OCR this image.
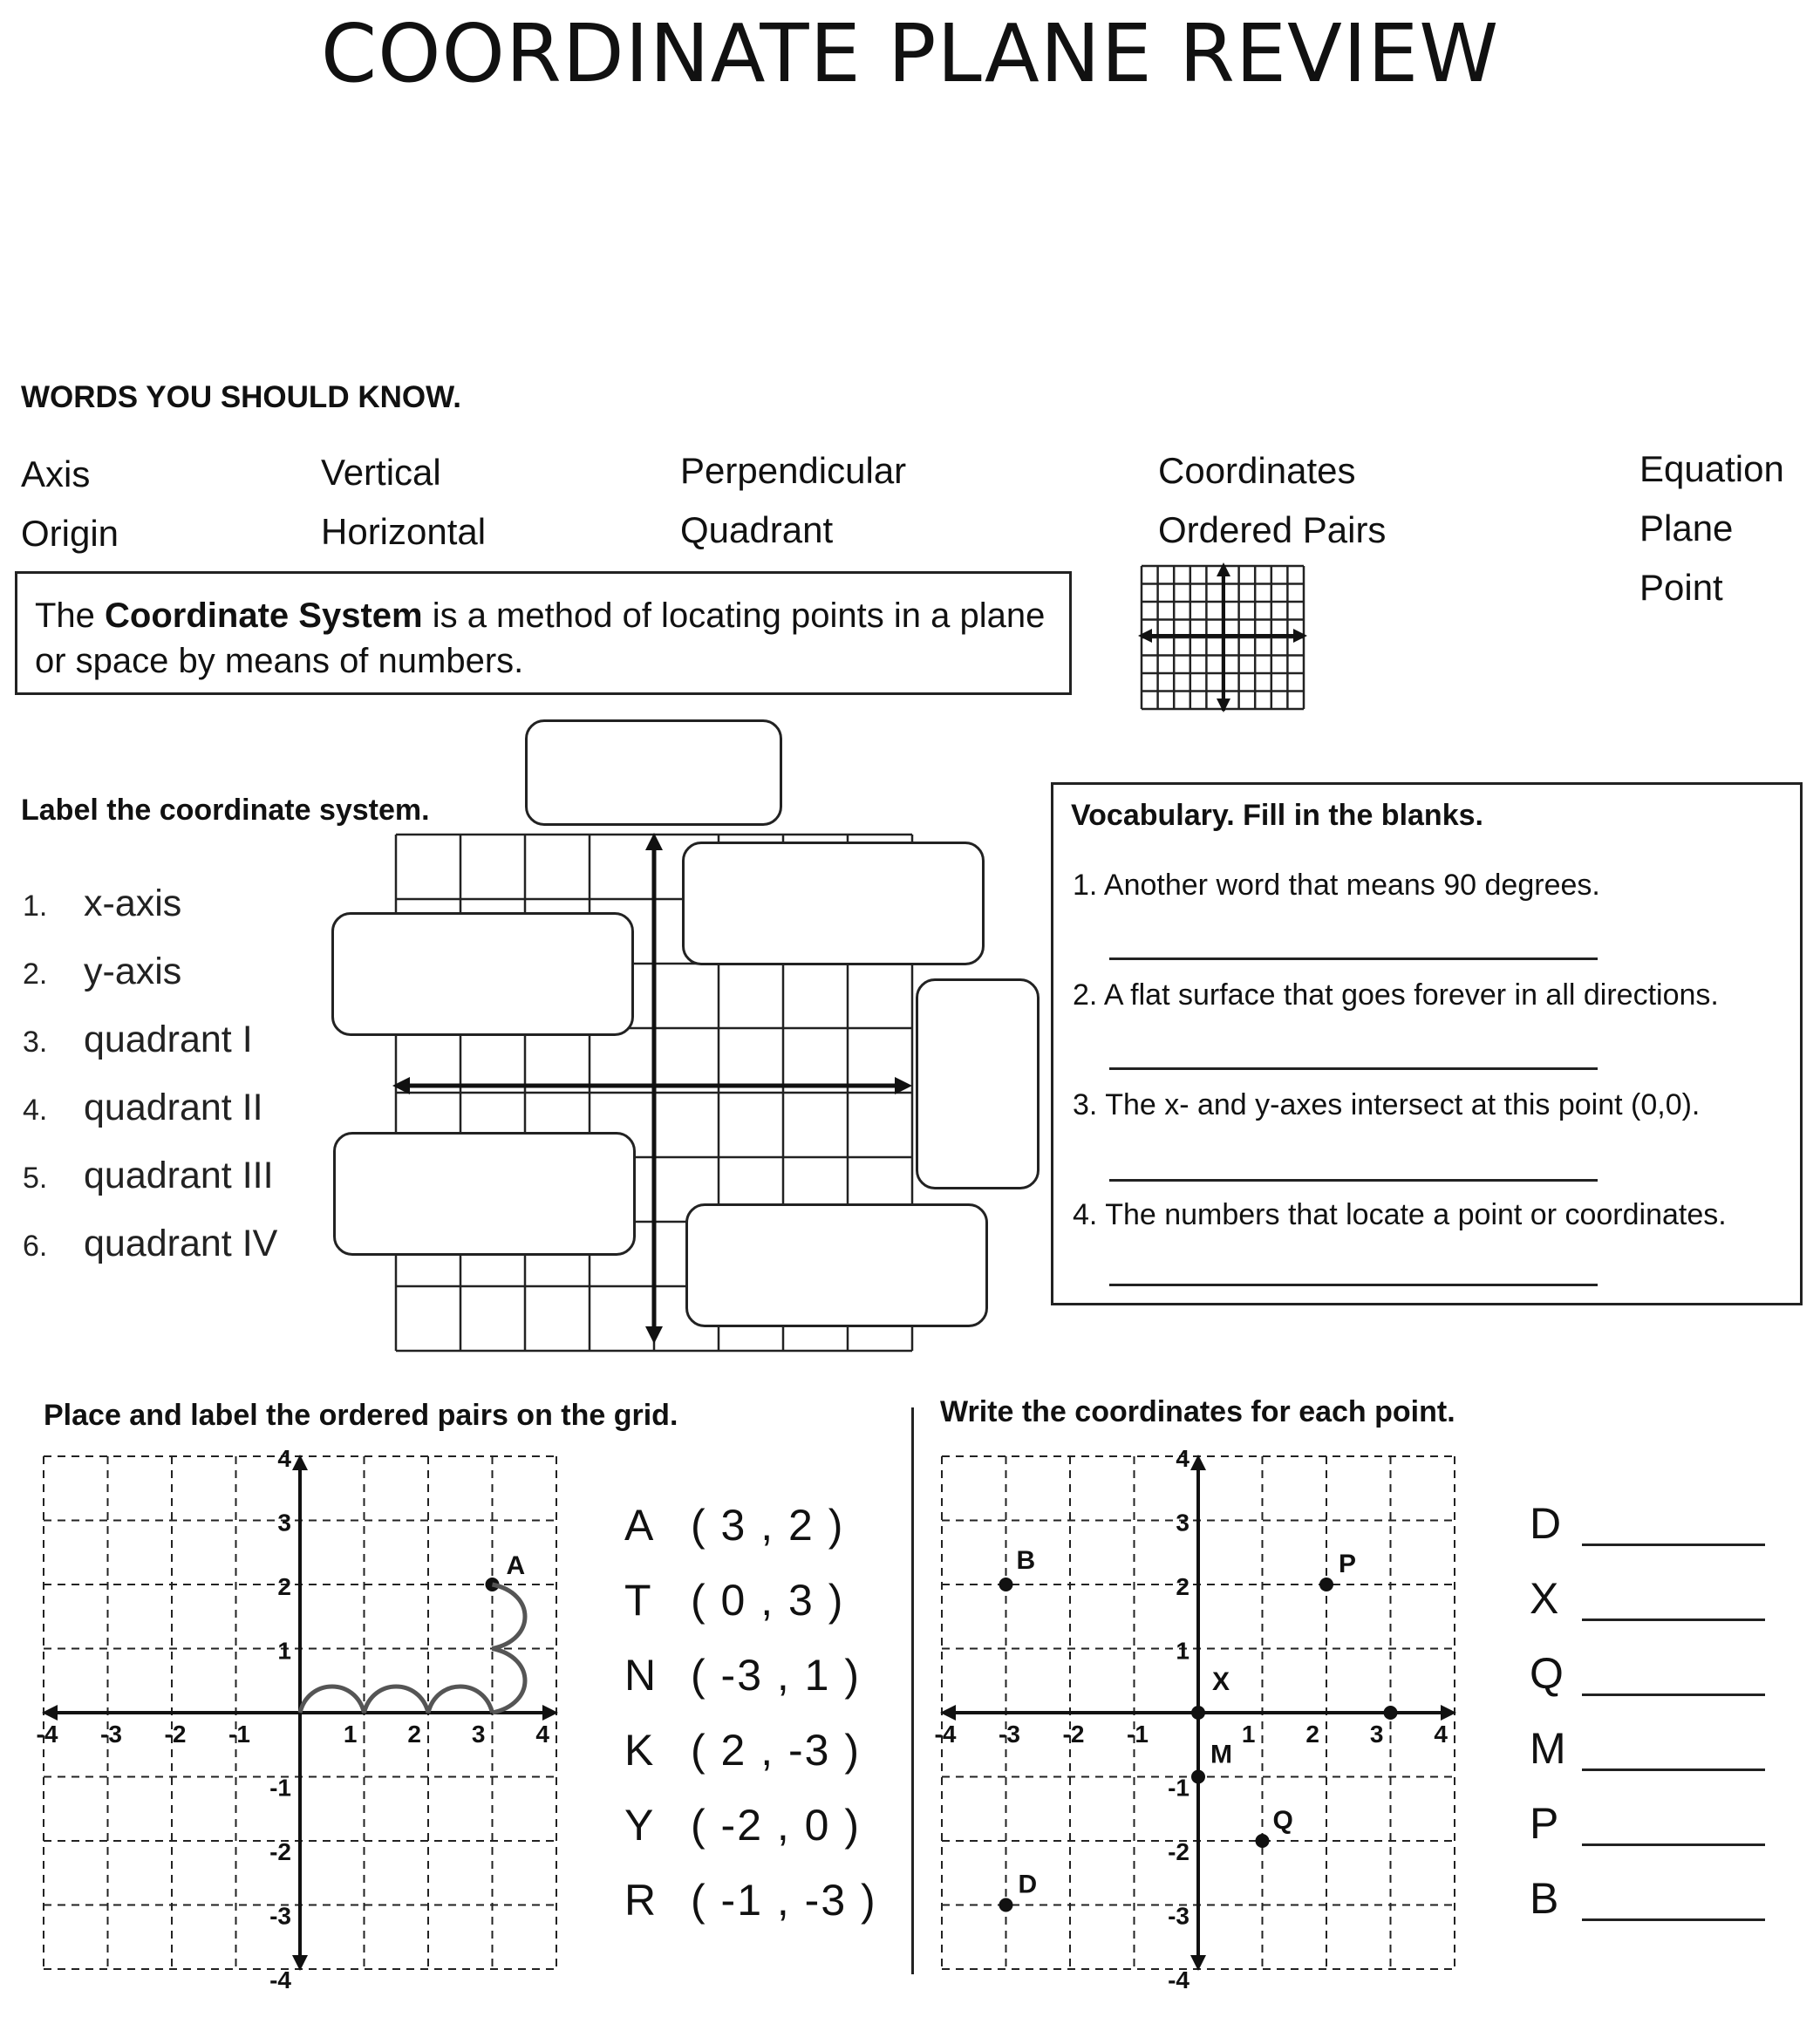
COORDINATE PLANE REVIEW
WORDS YOU SHOULD KNOW.
Axis
Origin
Vertical
Horizontal
Perpendicular
Quadrant
Coordinates
Ordered Pairs
Equation
Plane
Point
The Coordinate System is a method of locating points in a plane or space by means of numbers.
Label the coordinate system.
1. x-axis
2. y-axis
3. quadrant I
4. quadrant II
5. quadrant III
6. quadrant IV
Vocabulary. Fill in the blanks.
1. Another word that means 90 degrees.
2. A flat surface that goes forever in all directions.
3. The x- and y-axes intersect at this point (0,0).
4. The numbers that locate a point or coordinates.
Place and label the ordered pairs on the grid.
-4 -3 -2 -1	1 2 3 4
4
3
2
1
-1
-2
-3
-4
A
A ( 3 , 2 )
T ( 0 , 3 )
N ( -3 , 1 )
K ( 2 , -3 )
Y ( -2 , 0 )
R ( -1 , -3 )
Write the coordinates for each point.
-4 -3 -2 -1	1 2 3 4
4
3
2
1
-1
-2
-3
-4
B	P
X
M
Q
D
D
X
Q
M
P
B
